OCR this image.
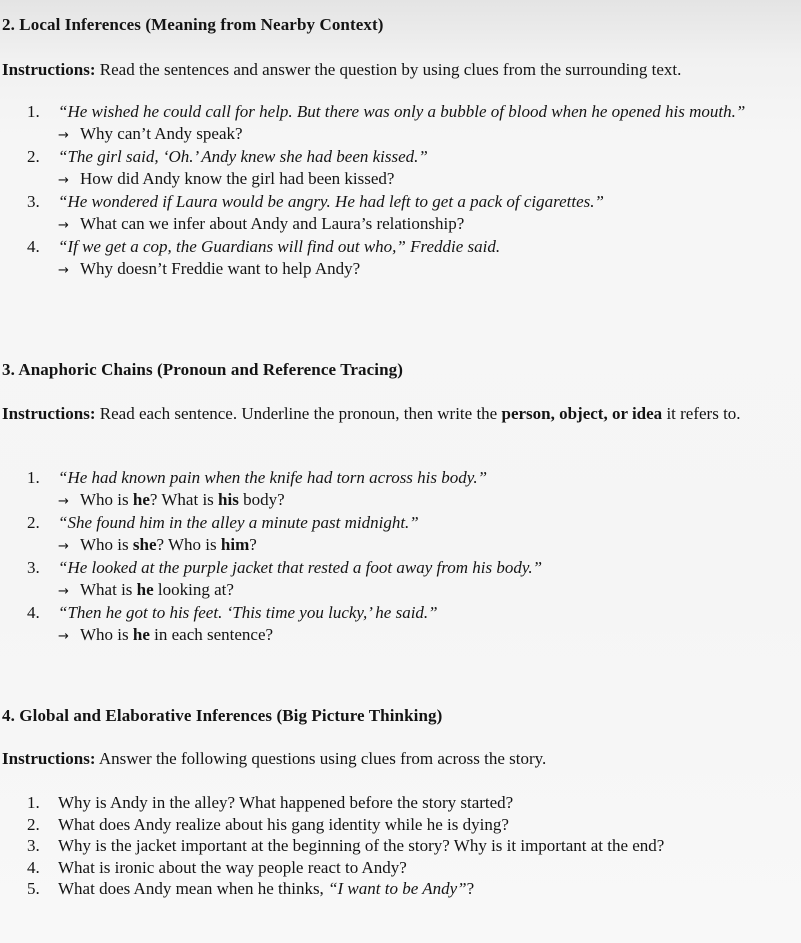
2. Local Inferences (Meaning from Nearby Context)

Instructions: Read the sentences and answer the question by using clues from the surrounding text.

1.	“He wished he could call for help. But there was only a bubble of blood when he opened his mouth.”
→ Why can’t Andy speak?
2.	“The girl said, ‘Oh.’ Andy knew she had been kissed.”
→ How did Andy know the girl had been kissed?
3.	“He wondered if Laura would be angry. He had left to get a pack of cigarettes.”
→ What can we infer about Andy and Laura’s relationship?
4.	“If we get a cop, the Guardians will find out who,” Freddie said.
→ Why doesn’t Freddie want to help Andy?
3. Anaphoric Chains (Pronoun and Reference Tracing)

Instructions: Read each sentence. Underline the pronoun, then write the person, object, or idea it refers to.

1.	“He had known pain when the knife had torn across his body.”
→ Who is he? What is his body?
2.	“She found him in the alley a minute past midnight.”
→ Who is she? Who is him?
3.	“He looked at the purple jacket that rested a foot away from his body.”
→ What is he looking at?
4.	“Then he got to his feet. ‘This time you lucky,’ he said.”
→ Who is he in each sentence?
4. Global and Elaborative Inferences (Big Picture Thinking)

Instructions: Answer the following questions using clues from across the story.

1.	Why is Andy in the alley? What happened before the story started?
2.	What does Andy realize about his gang identity while he is dying?
3.	Why is the jacket important at the beginning of the story? Why is it important at the end?
4.	What is ironic about the way people react to Andy?
5.	What does Andy mean when he thinks, “I want to be Andy”?
